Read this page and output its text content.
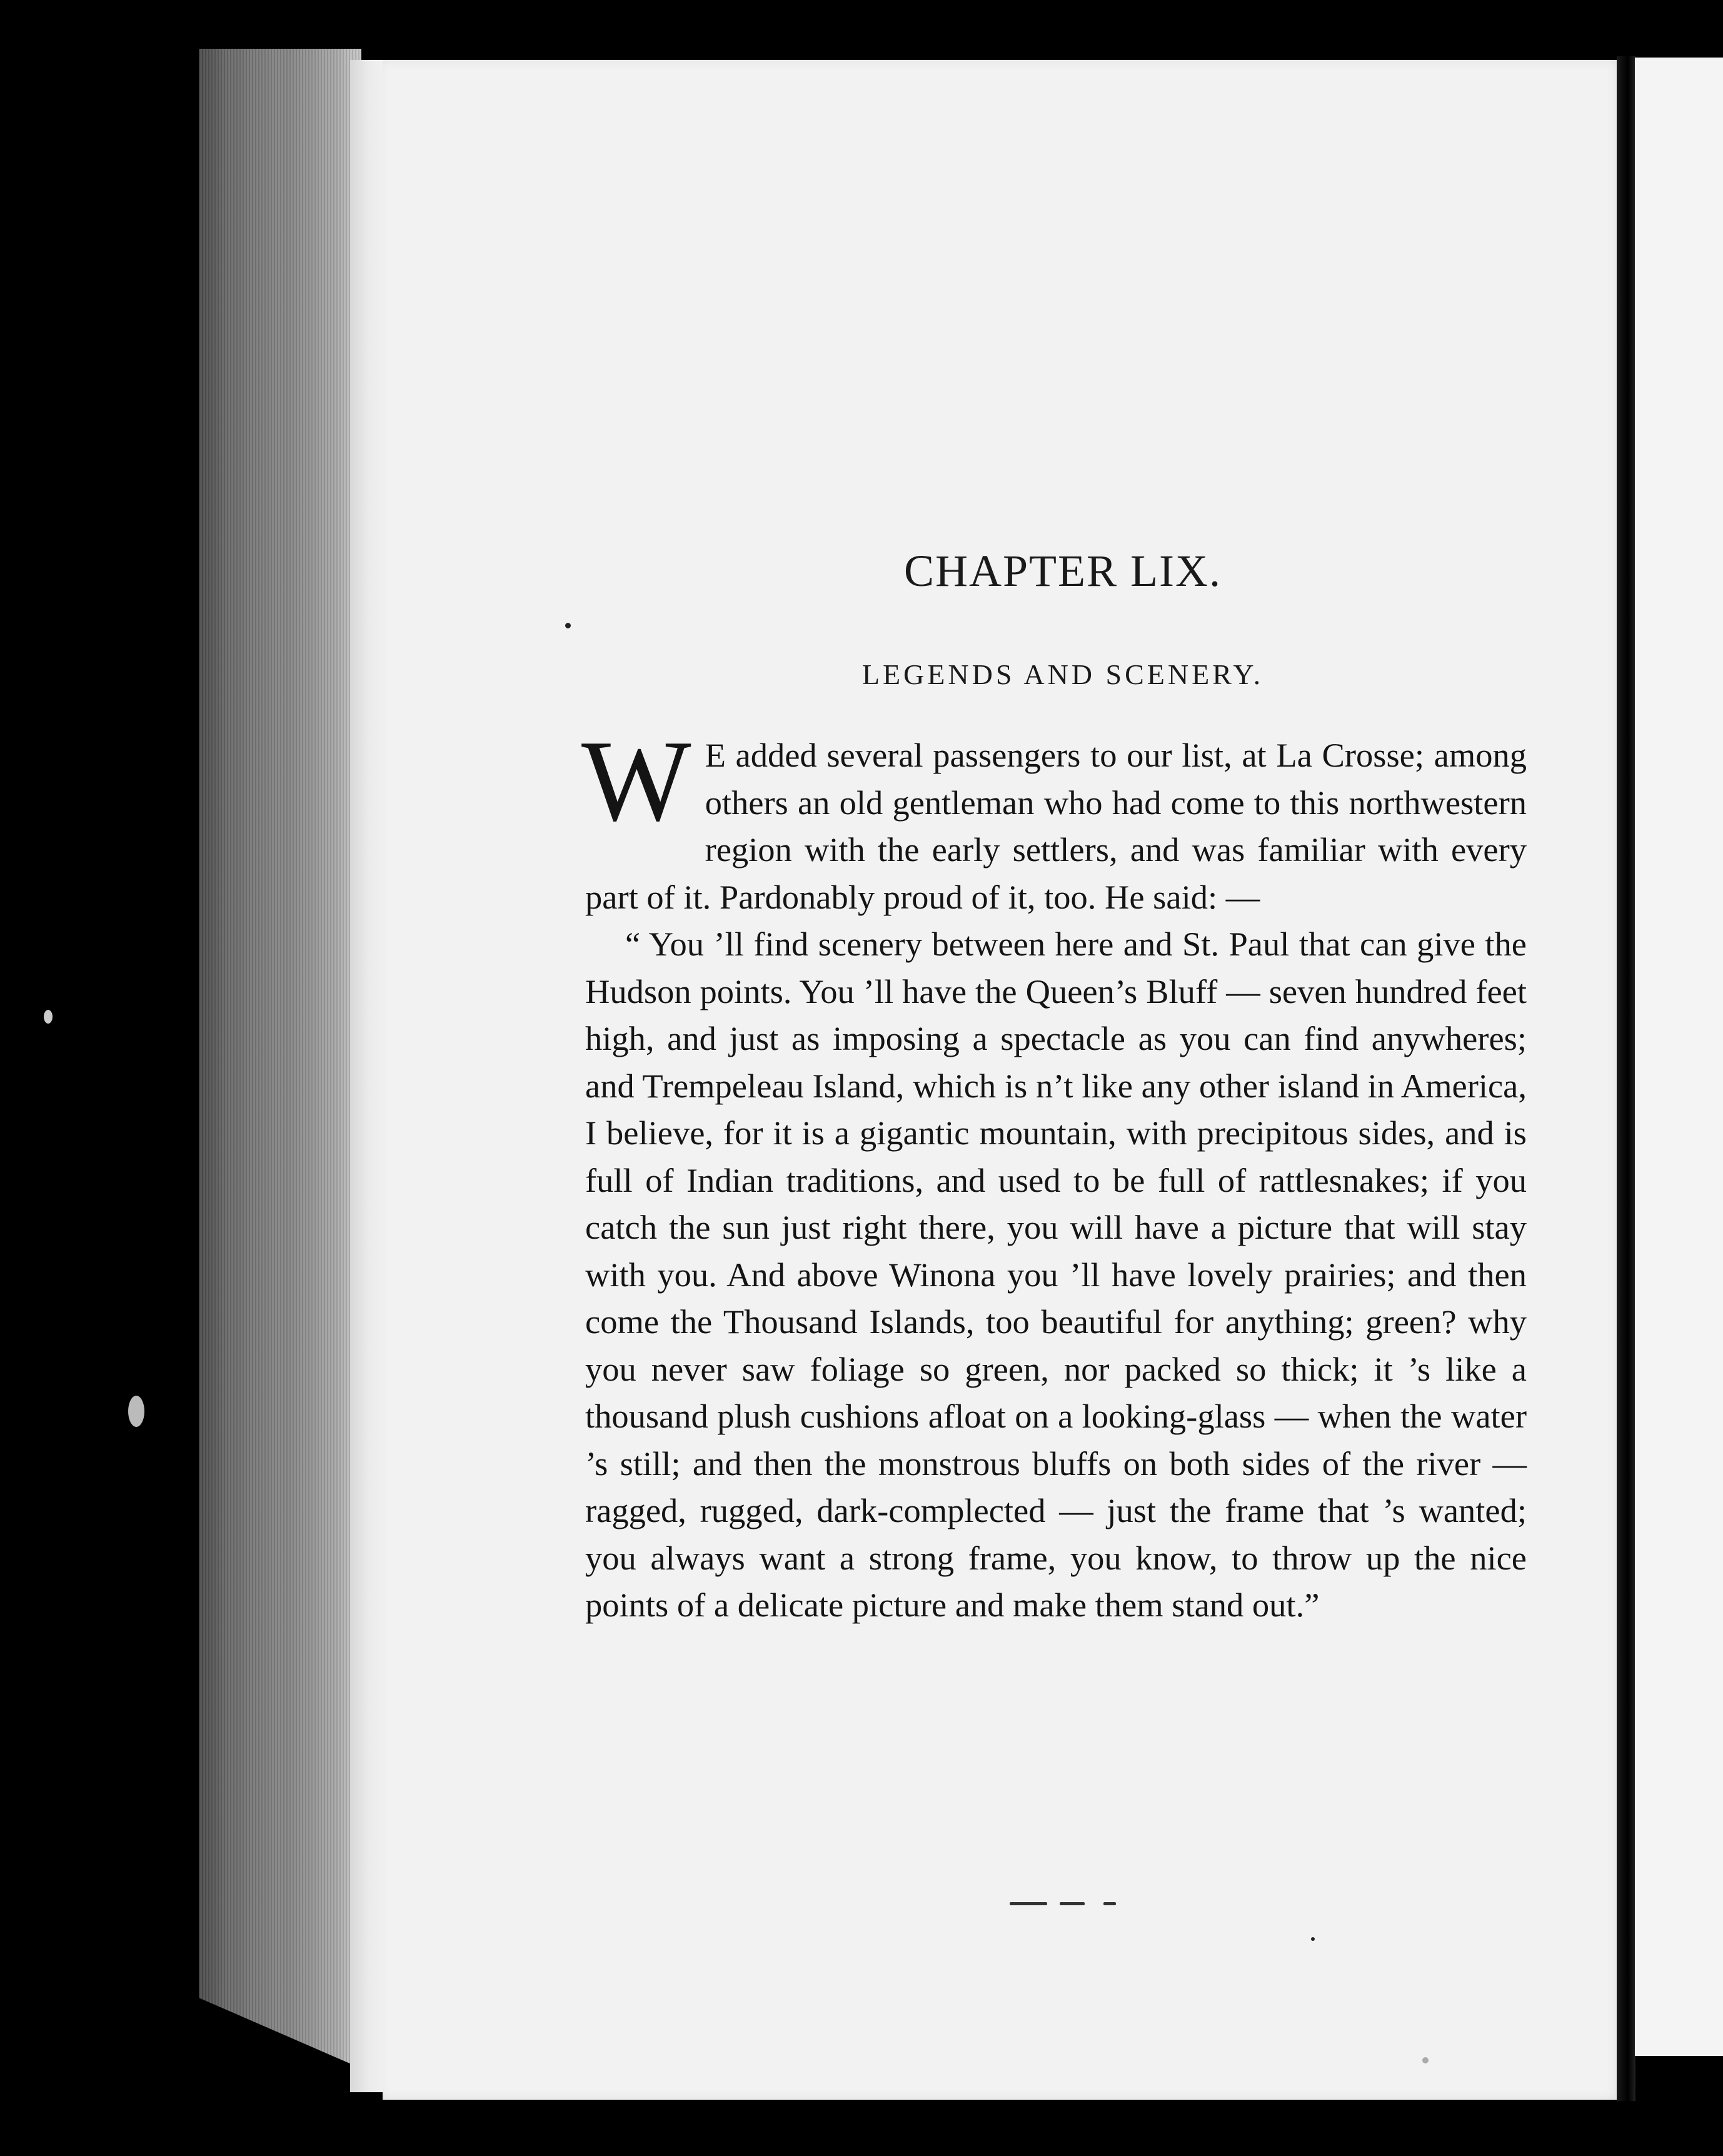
CHAPTER LIX.
LEGENDS AND SCENERY.

W E added several passengers to our list, at La Crosse; among others an old gentleman who had come to this northwestern region with the early settlers, and was familiar with every part of it. Pardonably proud of it, too. He said: —

“ You ’ll find scenery between here and St. Paul that can give the Hudson points. You ’ll have the Queen’s Bluff — seven hundred feet high, and just as imposing a spectacle as you can find anywheres; and Trempeleau Island, which is n’t like any other island in America, I believe, for it is a gigantic mountain, with precipitous sides, and is full of Indian traditions, and used to be full of rattlesnakes; if you catch the sun just right there, you will have a picture that will stay with you. And above Winona you ’ll have lovely prairies; and then come the Thousand Islands, too beautiful for anything; green? why you never saw foliage so green, nor packed so thick; it ’s like a thousand plush cushions afloat on a looking-glass — when the water ’s still; and then the monstrous bluffs on both sides of the river — ragged, rugged, dark-complected — just the frame that ’s wanted; you always want a strong frame, you know, to throw up the nice points of a delicate picture and make them stand out.”
